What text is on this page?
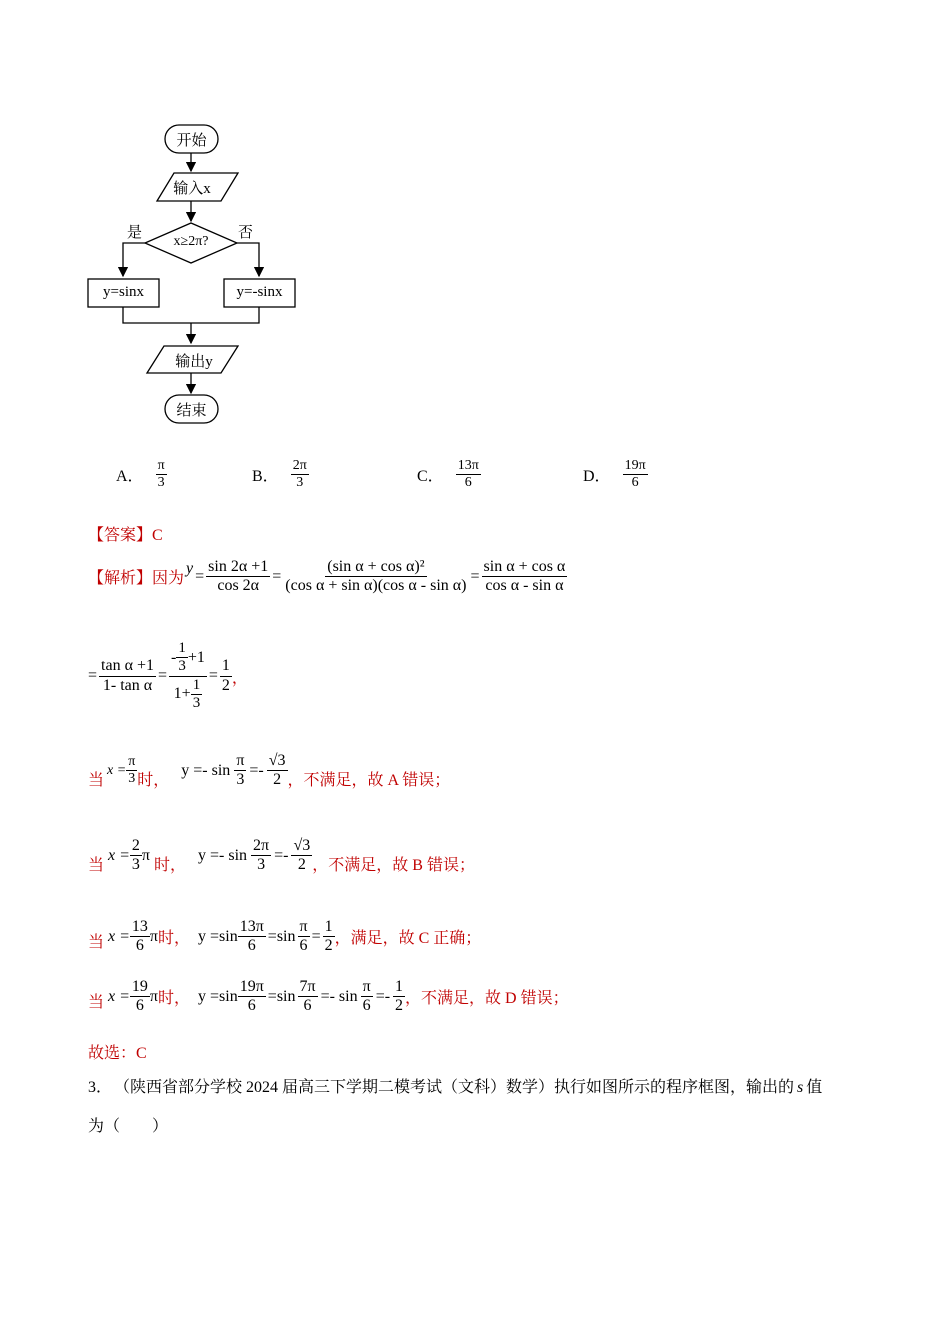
开始
输入x
x≥2π?
是	否
y=sinx	y=-sinx
输出y
结束
A． $\frac{\pi}{3}$	B． $\frac{2\pi}{3}$	C． $\frac{13\pi}{6}$	D． $\frac{19\pi}{6}$
【答案】C
【解析】 因为
$y = \frac{\sin 2\alpha +1}{\cos 2\alpha} = \frac{\text{(sin α + cos α)²}}{\text{(cos α + sin α)(cos α - sin α)}} = \frac{\text{sin α + cos α}}{\text{cos α - sin α}}$
= $\frac{\text{tan α +1}}{\text{1- tan α}} = \frac{- \frac{1}{3} +1}{1+ \frac{1}{3}} = \frac{1}{2}$ ，
当
$x = \frac{\pi}{3}$ 时，
$y =- \sin \frac{\pi}{3} =- \frac{√3}{2}$ ，不满足，故 A 错误；
当
$x = \frac{2}{3}$ π
时，
$y =- \sin \frac{2\pi}{3} =- \frac{√3}{2}$ ，不满足，故 B 错误；
当 $x = \frac{13}{6}$ π 时， $y =\sin \frac{13\pi}{6} =\sin \frac{\pi}{6} = \frac{1}{2}$ ，满足，故 C 正确；
当 $x = \frac{19}{6}$ π 时， $y =\sin \frac{19\pi}{6} =\sin \frac{7\pi}{6} =- \sin \frac{\pi}{6} =- \frac{1}{2}$ ，不满足，故 D 错误；
故选：C
3． （陕西省部分学校 2024 届高三下学期二模考试（文科）数学）执行如图所示的程序框图，输出的 s 值
为（　　）
